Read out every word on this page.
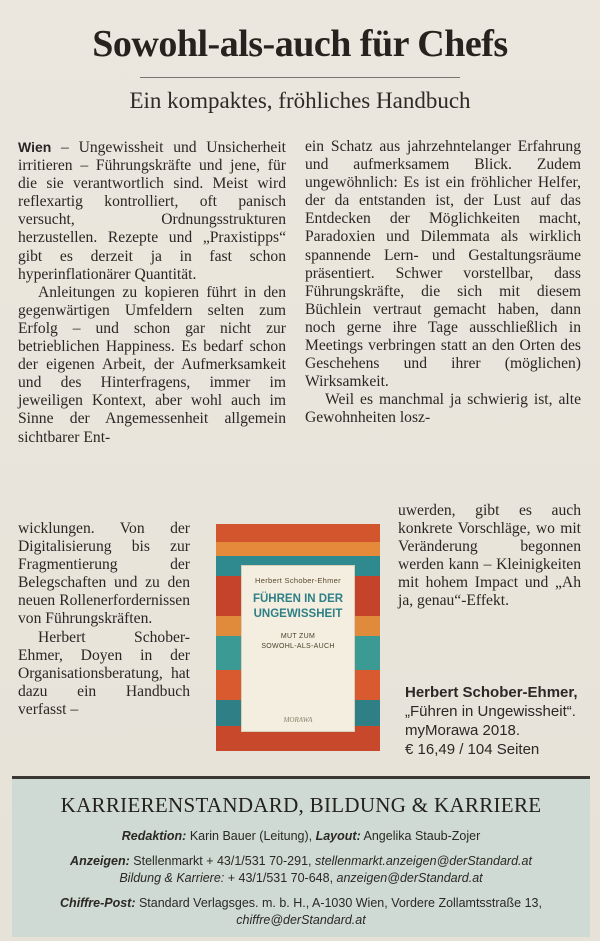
Sowohl-als-auch für Chefs
Ein kompaktes, fröhliches Handbuch

Wien – Ungewissheit und Unsicherheit irritieren – Führungskräfte und jene, für die sie verantwortlich sind. Meist wird reflexartig kontrolliert, oft panisch versucht, Ordnungsstrukturen herzustellen. Rezepte und „Praxistipps“ gibt es derzeit ja in fast schon hyperinflationärer Quantität.

Anleitungen zu kopieren führt in den gegenwärtigen Umfeldern selten zum Erfolg – und schon gar nicht zur betrieblichen Happiness. Es bedarf schon der eigenen Arbeit, der Aufmerksamkeit und des Hinterfragens, immer im jeweiligen Kontext, aber wohl auch im Sinne der Angemessenheit allgemein sichtbarer Ent-

wicklungen. Von der Digitalisierung bis zur Fragmentierung der Belegschaften und zu den neuen Rollenerfordernissen von Führungskräften.

Herbert Schober-Ehmer, Doyen in der Organisationsberatung, hat dazu ein Handbuch verfasst –

ein Schatz aus jahrzehntelanger Erfahrung und aufmerksamem Blick. Zudem ungewöhnlich: Es ist ein fröhlicher Helfer, der da entstanden ist, der Lust auf das Entdecken der Möglichkeiten macht, Paradoxien und Dilemmata als wirklich spannende Lern- und Gestaltungsräume präsentiert. Schwer vorstellbar, dass Führungskräfte, die sich mit diesem Büchlein vertraut gemacht haben, dann noch gerne ihre Tage ausschließlich in Meetings verbringen statt an den Orten des Geschehens und ihrer (möglichen) Wirksamkeit.

Weil es manchmal ja schwierig ist, alte Gewohnheiten losz-

uwerden, gibt es auch konkrete Vorschläge, wo mit Veränderung begonnen werden kann – Kleinigkeiten mit hohem Impact und „Ah ja, genau“-Effekt.

Herbert Schober-Ehmer
FÜHREN IN DER
UNGEWISSHEIT
MUT ZUM
SOWOHL-ALS-AUCH
MORAWA
Herbert Schober-Ehmer,
„Führen in Ungewissheit“. myMorawa 2018.
€ 16,49 / 104 Seiten
KARRIERENSTANDARD, BILDUNG & KARRIERE
Redaktion: Karin Bauer (Leitung), Layout: Angelika Staub-Zojer
Anzeigen: Stellenmarkt + 43/1/531 70-291, stellenmarkt.anzeigen@derStandard.at
Bildung & Karriere: + 43/1/531 70-648, anzeigen@derStandard.at
Chiffre-Post: Standard Verlagsges. m. b. H., A-1030 Wien, Vordere Zollamtsstraße 13,
chiffre@derStandard.at
